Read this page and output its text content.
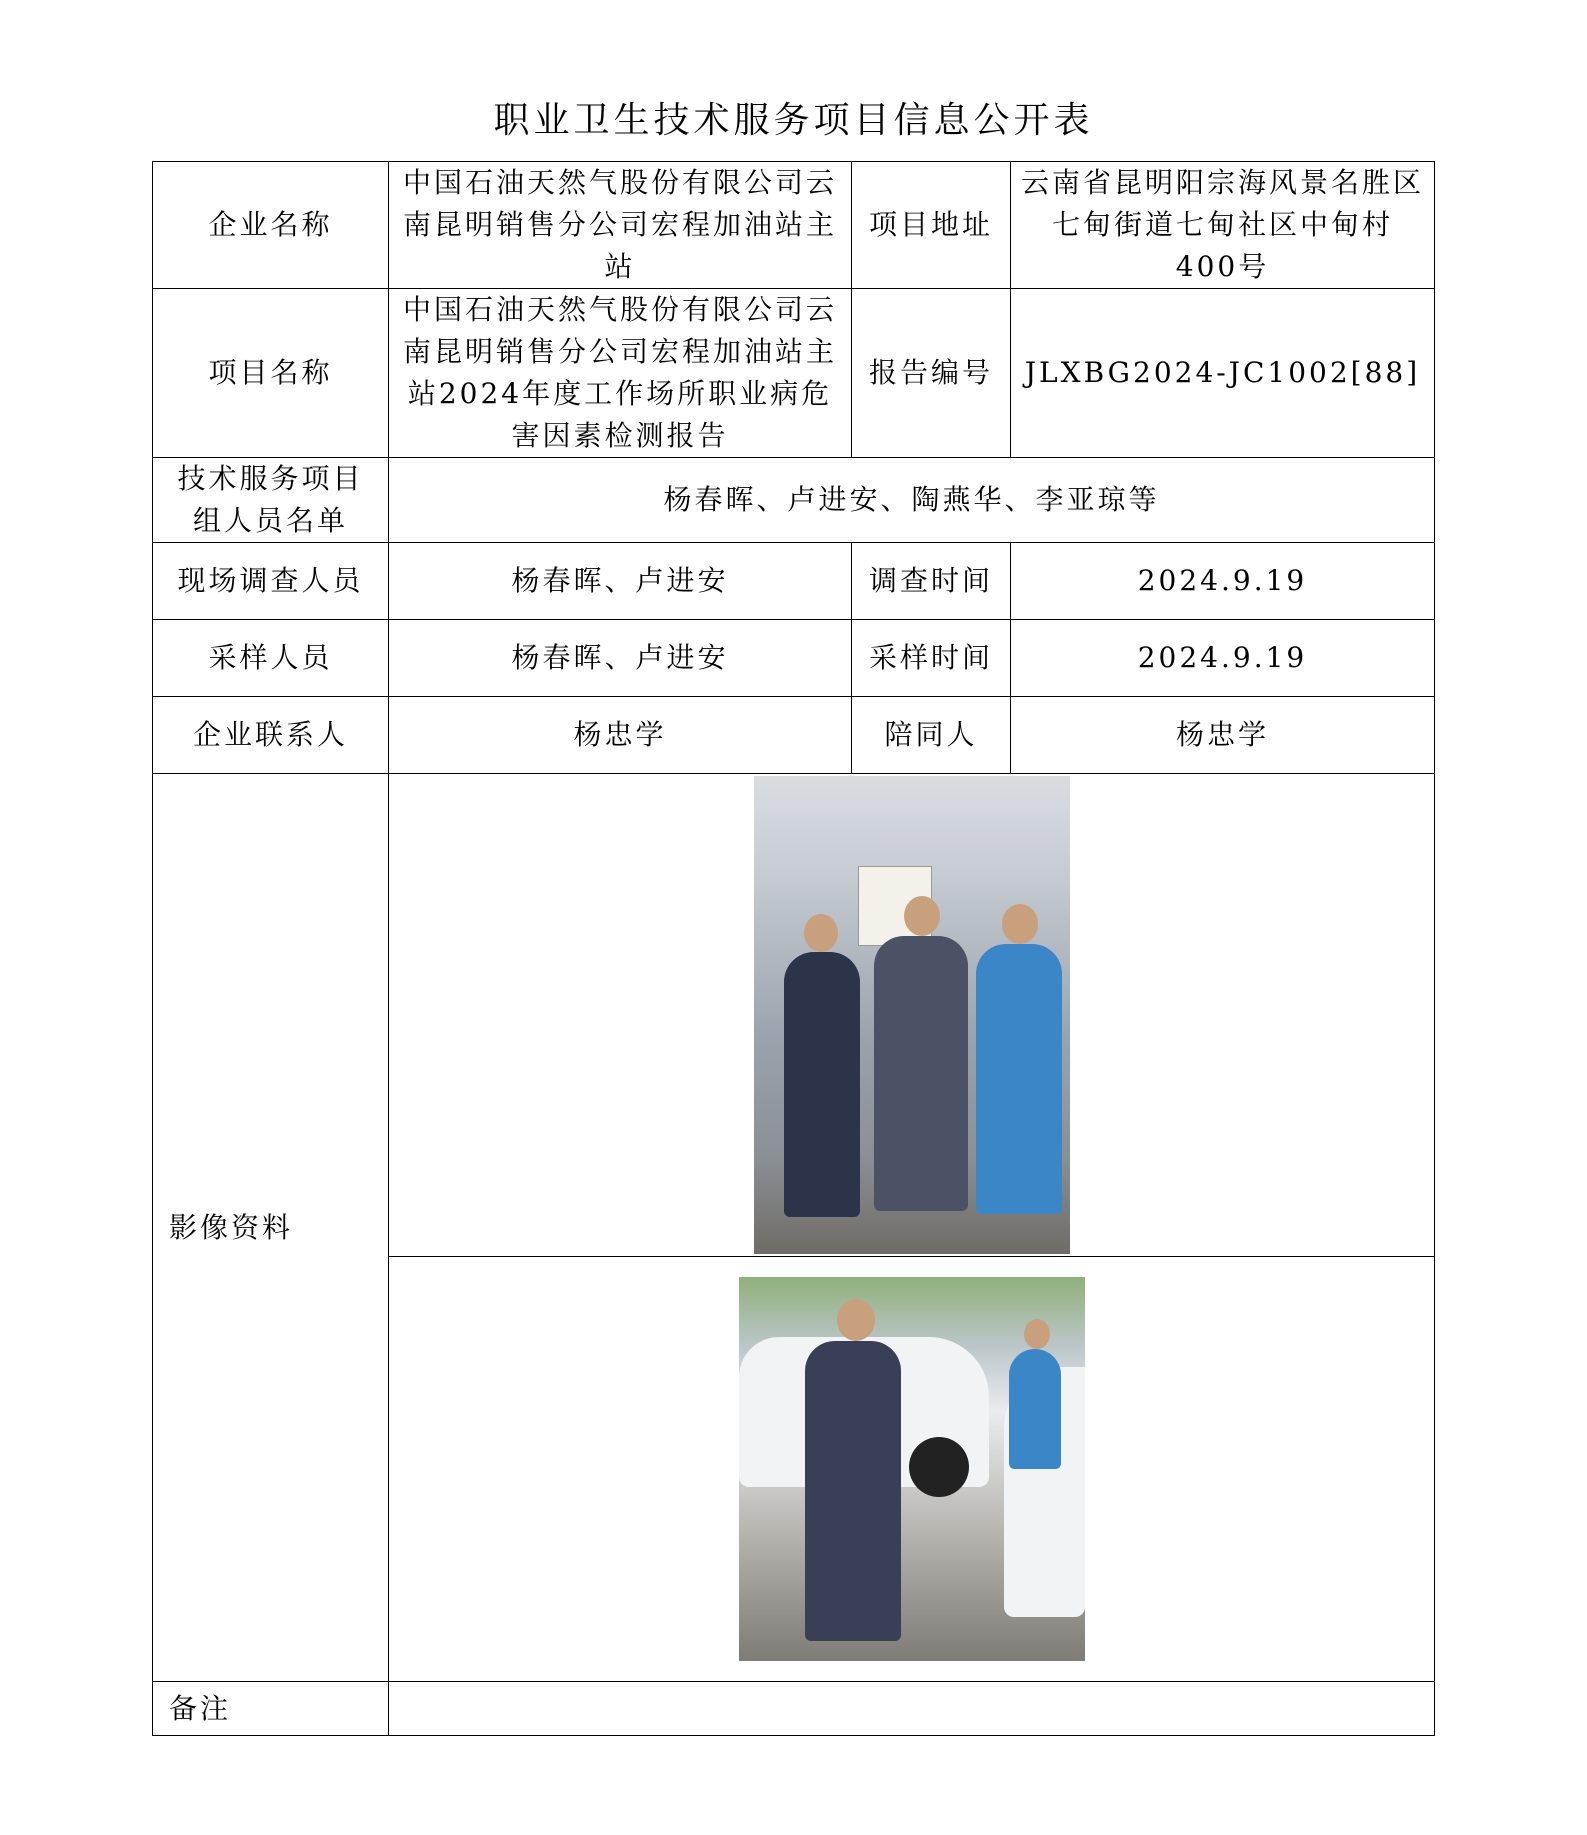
职业卫生技术服务项目信息公开表
企业名称	中国石油天然气股份有限公司云南昆明销售分公司宏程加油站主站	项目地址	云南省昆明阳宗海风景名胜区七甸街道七甸社区中甸村400号
项目名称	中国石油天然气股份有限公司云南昆明销售分公司宏程加油站主站2024年度工作场所职业病危害因素检测报告	报告编号	JLXBG2024-JC1002[88]
技术服务项目组人员名单	杨春晖、卢进安、陶燕华、李亚琼等		
现场调查人员	杨春晖、卢进安	调查时间	2024.9.19
采样人员	杨春晖、卢进安	采样时间	2024.9.19
企业联系人	杨忠学	陪同人	杨忠学
影像资料			

备注			
